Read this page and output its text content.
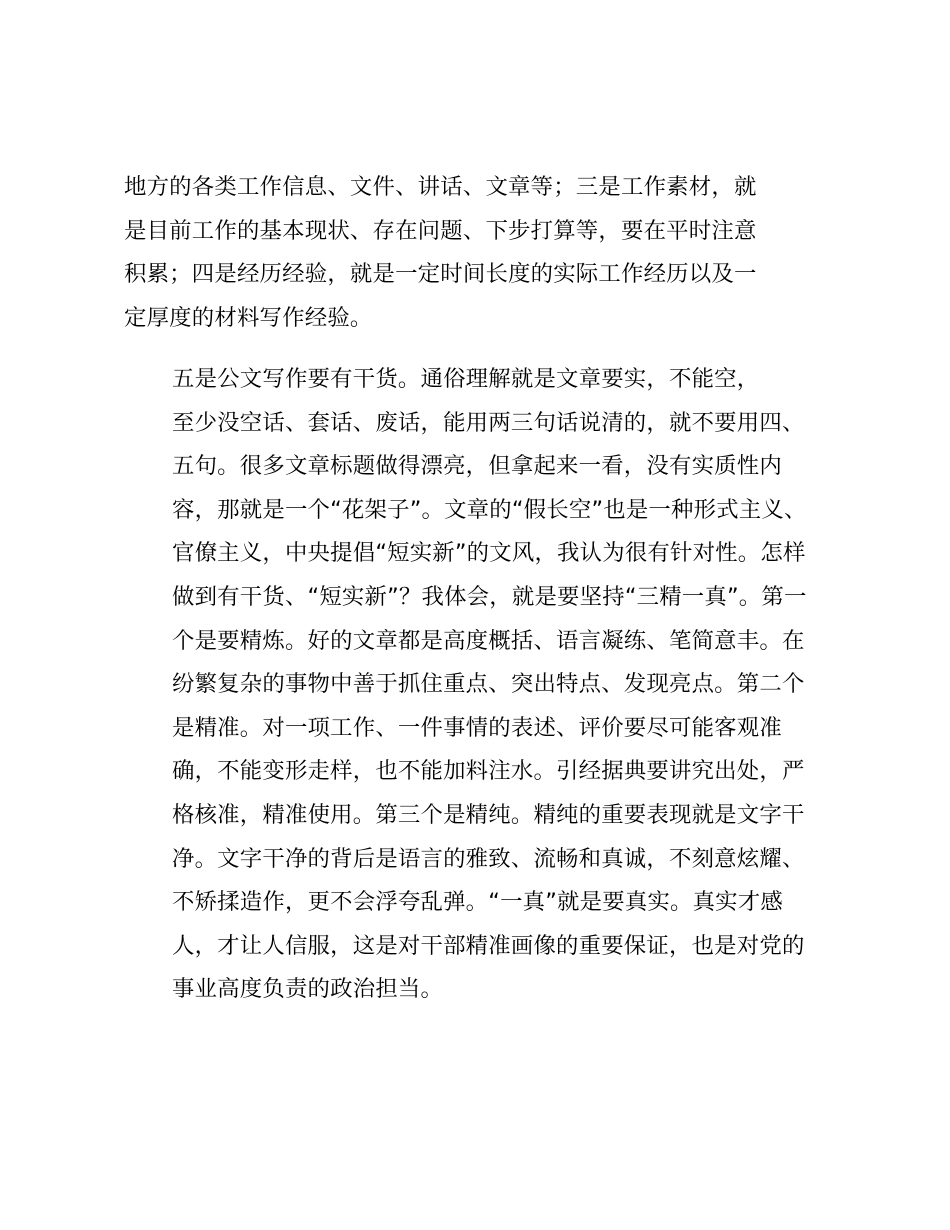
地方的各类工作信息、文件、讲话、文章等；三是工作素材，就
是目前工作的基本现状、存在问题、下步打算等，要在平时注意
积累；四是经历经验，就是一定时间长度的实际工作经历以及一
定厚度的材料写作经验。
五是公文写作要有干货。通俗理解就是文章要实，不能空，
至少没空话、套话、废话，能用两三句话说清的，就不要用四、
五句。很多文章标题做得漂亮，但拿起来一看，没有实质性内
容，那就是一个“花架子”。文章的“假长空”也是一种形式主义、
官僚主义，中央提倡“短实新”的文风，我认为很有针对性。怎样
做到有干货、“短实新”？我体会，就是要坚持“三精一真”。第一
个是要精炼。好的文章都是高度概括、语言凝练、笔简意丰。在
纷繁复杂的事物中善于抓住重点、突出特点、发现亮点。第二个
是精准。对一项工作、一件事情的表述、评价要尽可能客观准
确，不能变形走样，也不能加料注水。引经据典要讲究出处，严
格核准，精准使用。第三个是精纯。精纯的重要表现就是文字干
净。文字干净的背后是语言的雅致、流畅和真诚，不刻意炫耀、
不矫揉造作，更不会浮夸乱弹。“一真”就是要真实。真实才感
人，才让人信服，这是对干部精准画像的重要保证，也是对党的
事业高度负责的政治担当。
